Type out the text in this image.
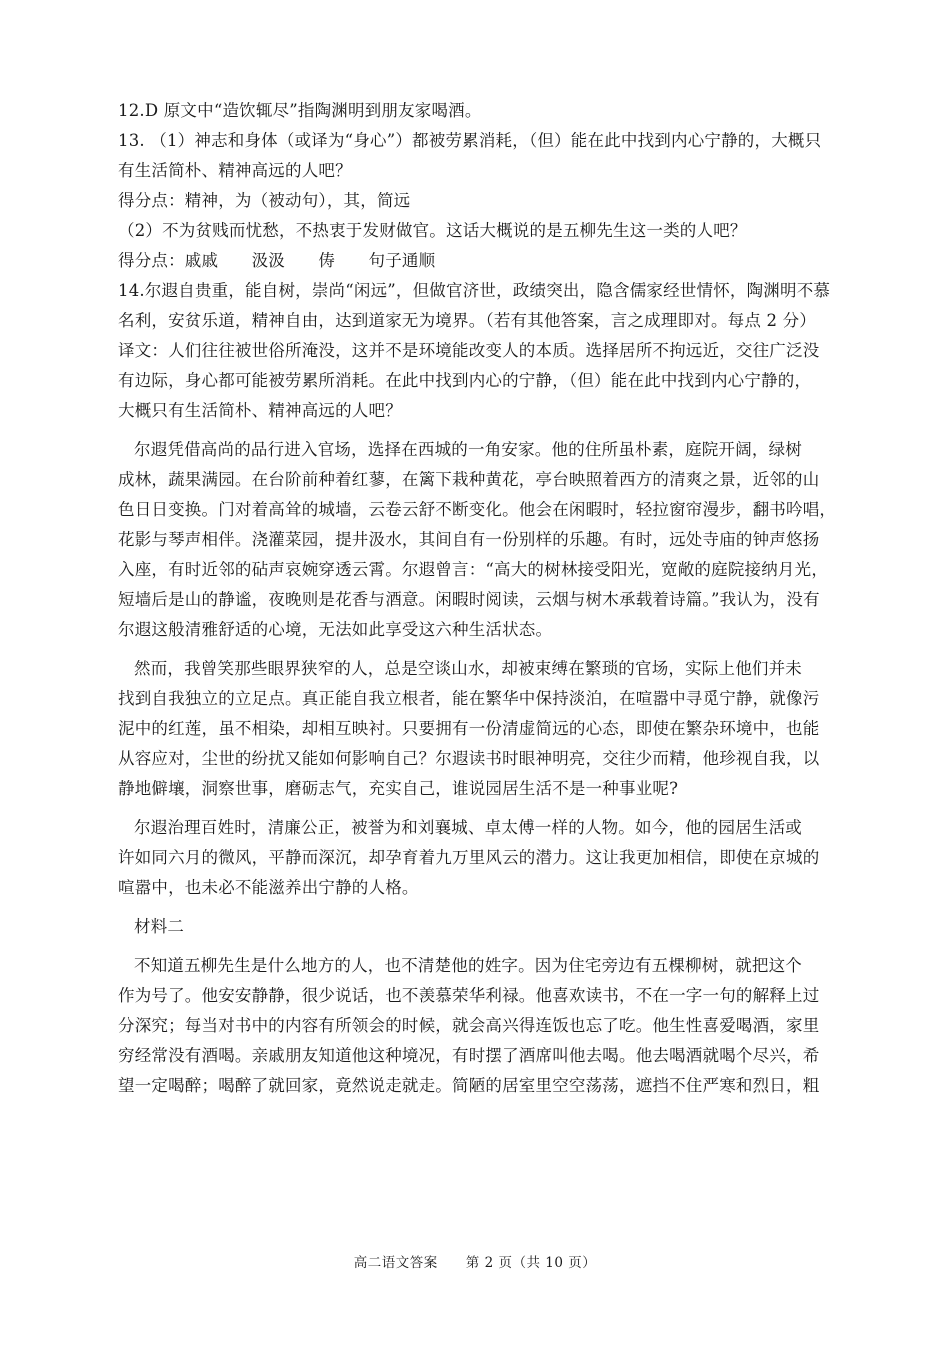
12.D 原文中“造饮辄尽”指陶渊明到朋友家喝酒。
13. （1）神志和身体（或译为“身心”）都被劳累消耗，（但）能在此中找到内心宁静的，大概只
有生活简朴、精神高远的人吧？
得分点：精神，为（被动句），其，简远
（2）不为贫贱而忧愁，不热衷于发财做官。这话大概说的是五柳先生这一类的人吧？
得分点：戚戚　　汲汲　　俦　　句子通顺
14.尔遐自贵重，能自树，崇尚“闲远”，但做官济世，政绩突出，隐含儒家经世情怀，陶渊明不慕
名利，安贫乐道，精神自由，达到道家无为境界。（若有其他答案，言之成理即对。每点 2 分）
译文：人们往往被世俗所淹没，这并不是环境能改变人的本质。选择居所不拘远近，交往广泛没
有边际，身心都可能被劳累所消耗。在此中找到内心的宁静，（但）能在此中找到内心宁静的，
大概只有生活简朴、精神高远的人吧？
尔遐凭借高尚的品行进入官场，选择在西城的一角安家。他的住所虽朴素，庭院开阔，绿树
成林，蔬果满园。在台阶前种着红蓼，在篱下栽种黄花，亭台映照着西方的清爽之景，近邻的山
色日日变换。门对着高耸的城墙，云卷云舒不断变化。他会在闲暇时，轻拉窗帘漫步，翻书吟唱，
花影与琴声相伴。浇灌菜园，提井汲水，其间自有一份别样的乐趣。有时，远处寺庙的钟声悠扬
入座，有时近邻的砧声哀婉穿透云霄。尔遐曾言：“高大的树林接受阳光，宽敞的庭院接纳月光，
短墙后是山的静谧，夜晚则是花香与酒意。闲暇时阅读，云烟与树木承载着诗篇。”我认为，没有
尔遐这般清雅舒适的心境，无法如此享受这六种生活状态。
然而，我曾笑那些眼界狭窄的人，总是空谈山水，却被束缚在繁琐的官场，实际上他们并未
找到自我独立的立足点。真正能自我立根者，能在繁华中保持淡泊，在喧嚣中寻觅宁静，就像污
泥中的红莲，虽不相染，却相互映衬。只要拥有一份清虚简远的心态，即使在繁杂环境中，也能
从容应对，尘世的纷扰又能如何影响自己？尔遐读书时眼神明亮，交往少而精，他珍视自我，以
静地僻壤，洞察世事，磨砺志气，充实自己，谁说园居生活不是一种事业呢?
尔遐治理百姓时，清廉公正，被誉为和刘襄城、卓太傅一样的人物。如今，他的园居生活或
许如同六月的微风，平静而深沉，却孕育着九万里风云的潜力。这让我更加相信，即使在京城的
喧嚣中，也未必不能滋养出宁静的人格。
材料二
不知道五柳先生是什么地方的人，也不清楚他的姓字。因为住宅旁边有五棵柳树，就把这个
作为号了。他安安静静，很少说话，也不羡慕荣华利禄。他喜欢读书，不在一字一句的解释上过
分深究；每当对书中的内容有所领会的时候，就会高兴得连饭也忘了吃。他生性喜爱喝酒，家里
穷经常没有酒喝。亲戚朋友知道他这种境况，有时摆了酒席叫他去喝。他去喝酒就喝个尽兴，希
望一定喝醉；喝醉了就回家，竟然说走就走。简陋的居室里空空荡荡，遮挡不住严寒和烈日，粗
高二语文答案　　第 2 页（共 10 页）
